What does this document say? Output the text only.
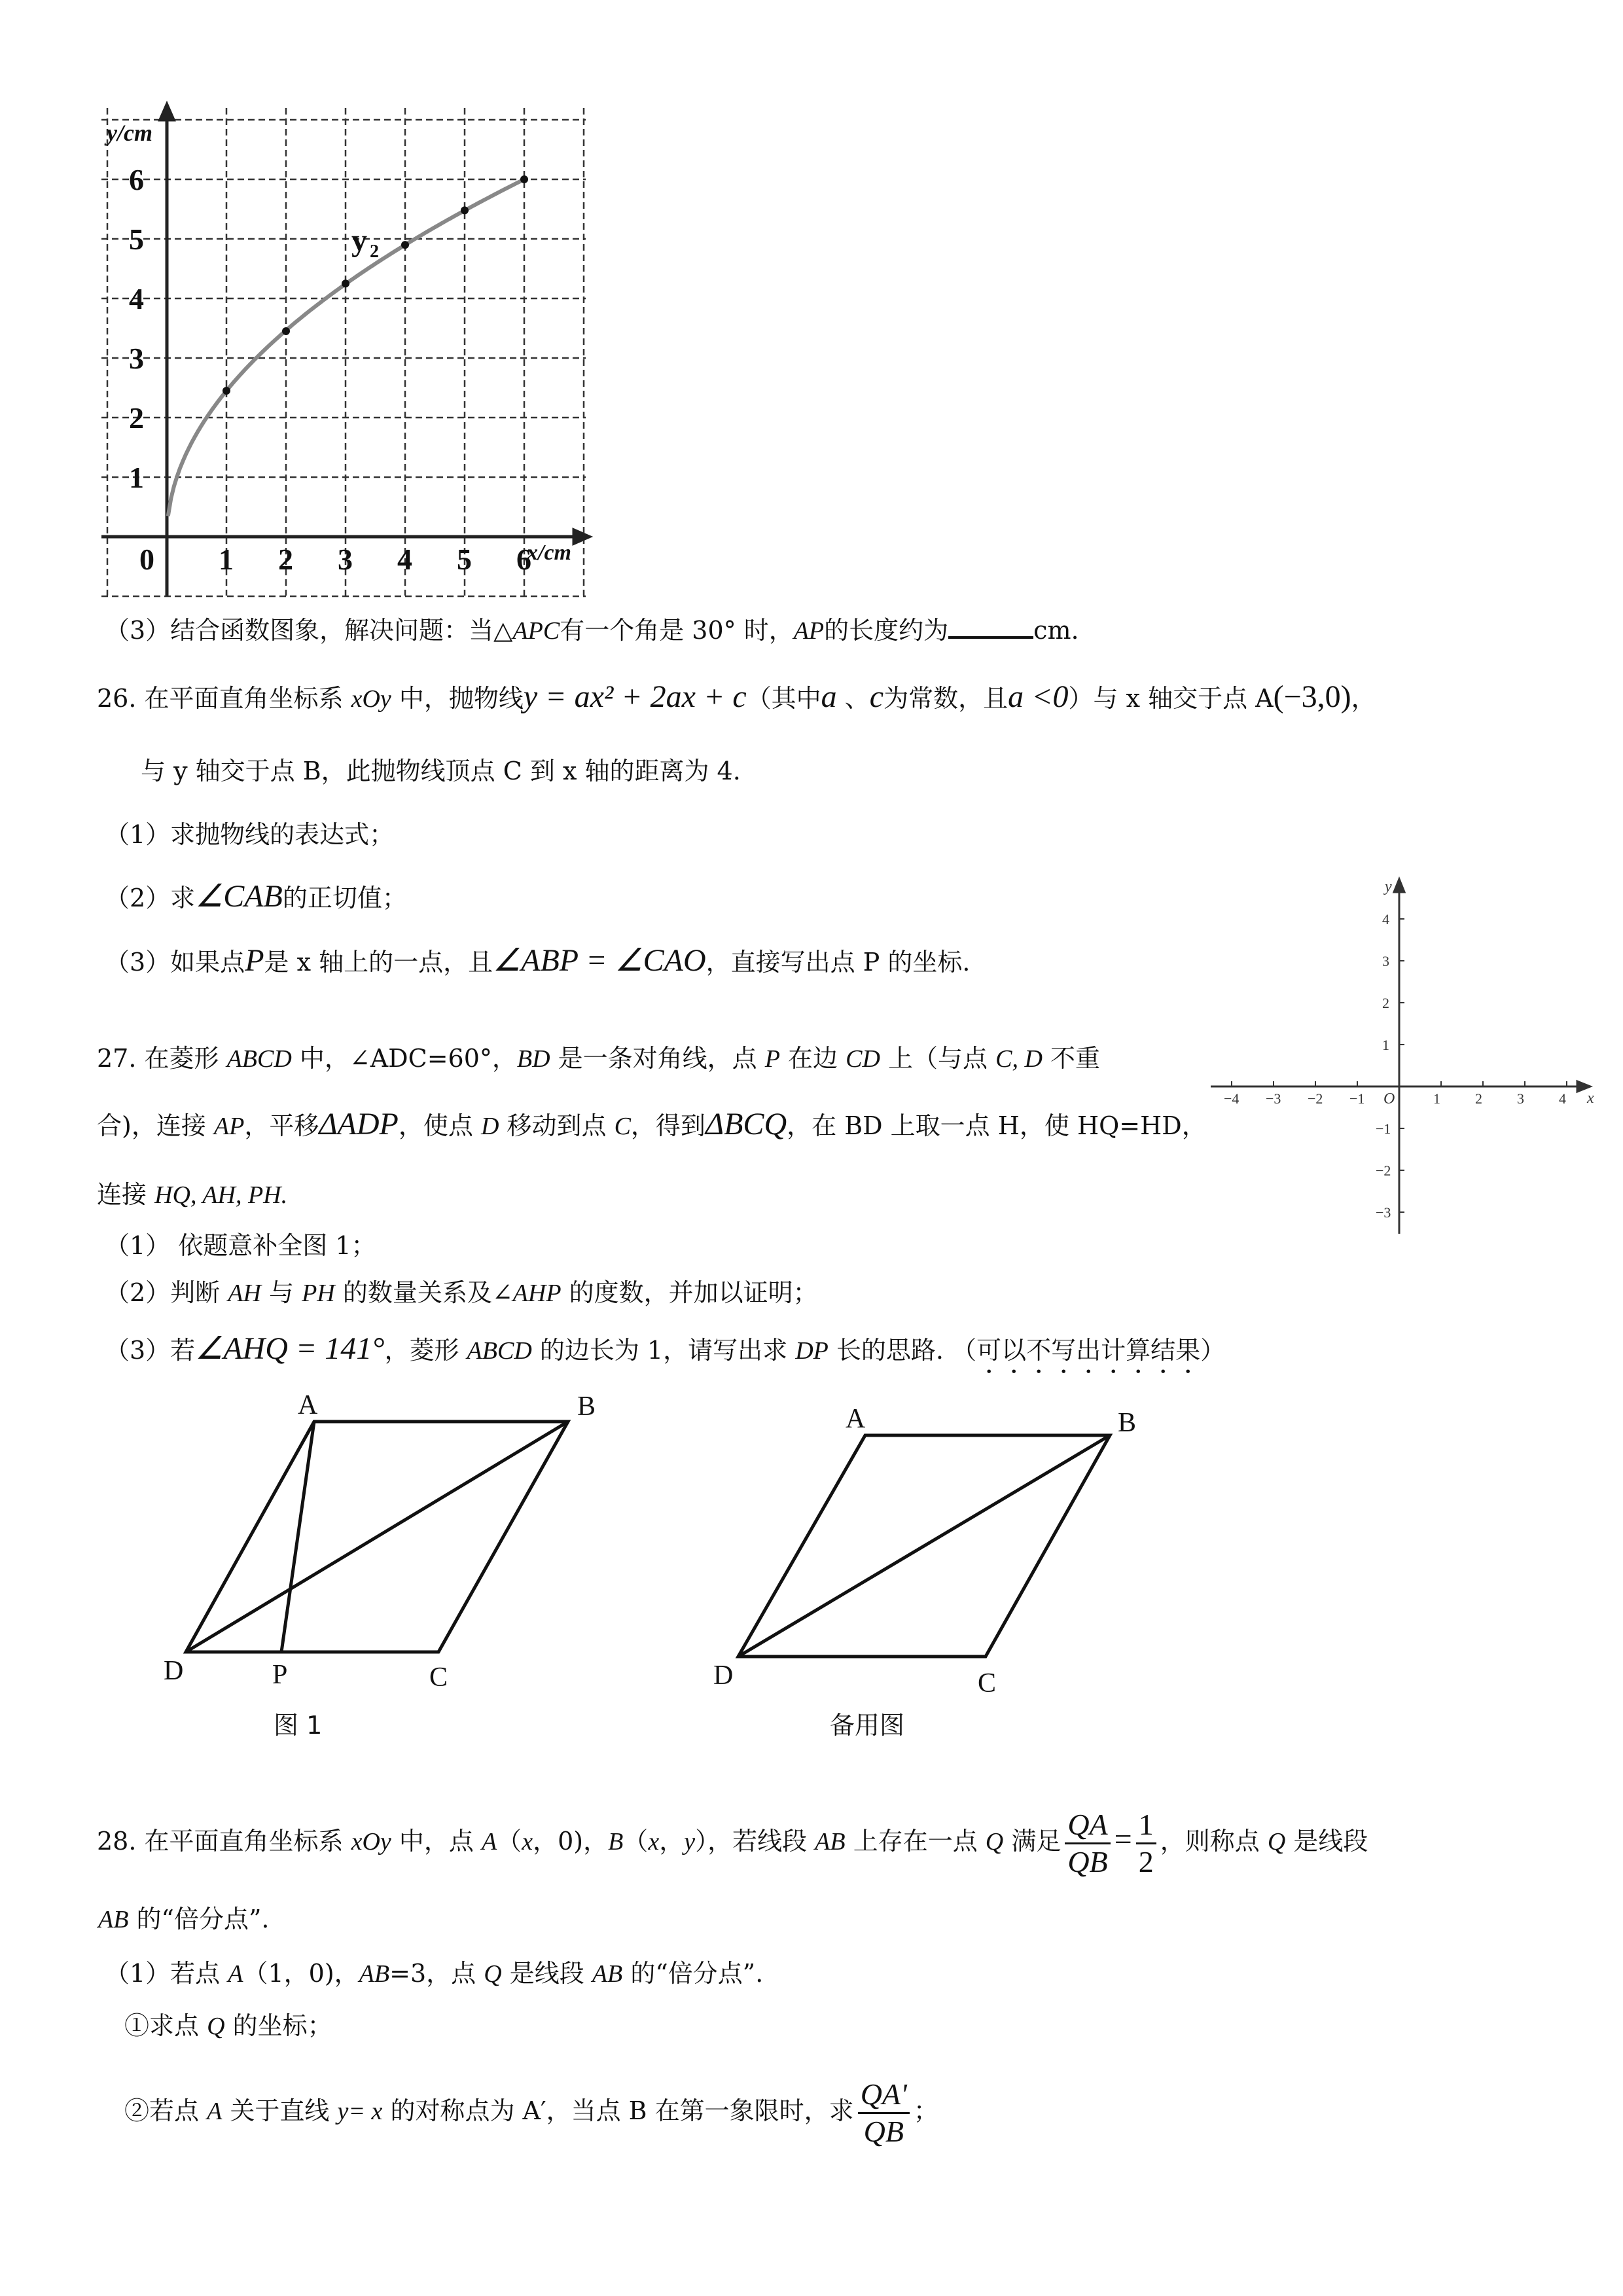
y/cm
x/cm
0
y 2
1 2 3 4 5 6
1
2
3
4
5
6
（3）结合函数图象，解决问题：当△APC有一个角是 30° 时，AP的长度约为	cm.
26. 在平面直角坐标系 xOy 中，抛物线y = ax² + 2ax + c（其中a 、c为常数，且a <0）与 x 轴交于点 A(−3,0)，
与 y 轴交于点 B，此抛物线顶点 C 到 x 轴的距离为 4.
（1）求抛物线的表达式；
（2）求∠CAB的正切值；
（3）如果点P是 x 轴上的一点，且∠ABP = ∠CAO，直接写出点 P 的坐标.
−4 −3 −2 −1	1 2 3 4
1
2
3
4
−1
−2
−3
y
x
O
27. 在菱形 ABCD 中，∠ADC=60°，BD 是一条对角线，点 P 在边 CD 上（与点 C, D 不重
合)，连接 AP，平移ΔADP，使点 D 移动到点 C，得到ΔBCQ，在 BD 上取一点 H，使 HQ=HD，
连接 HQ, AH, PH.
（1） 依题意补全图 1；
（2）判断 AH 与 PH 的数量关系及∠AHP 的度数，并加以证明；
（3）若∠AHQ = 141°，菱形 ABCD 的边长为 1，请写出求 DP 长的思路. （可以不写出计算结果）
A	B
C
D	P
图 1
A	B
C
D
备用图
28. 在平面直角坐标系 xOy 中，点 A（x，0)，B（x，y），若线段 AB 上存在一点 Q 满足 $\frac{QA}{QB} = \frac{1}{2}$ ，则称点 Q 是线段
AB 的“倍分点”.
（1）若点 A（1，0)，AB=3，点 Q 是线段 AB 的“倍分点”.
①求点 Q 的坐标；
②若点 A 关于直线 y= x 的对称点为 A′，当点 B 在第一象限时，求 $\frac{QA'}{QB}$ ；
